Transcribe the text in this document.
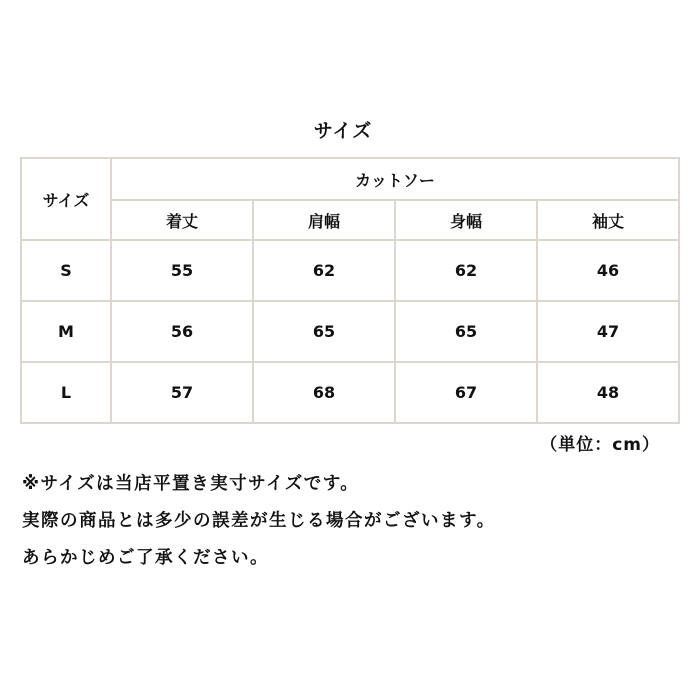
サイズ
サイズ	カットソー			
	着丈	肩幅	身幅	袖丈
S	55	62	62	46
M	56	65	65	47
L	57	68	67	48
（単位：cm）
※サイズは当店平置き実寸サイズです。
実際の商品とは多少の誤差が生じる場合がございます。
あらかじめご了承ください。
